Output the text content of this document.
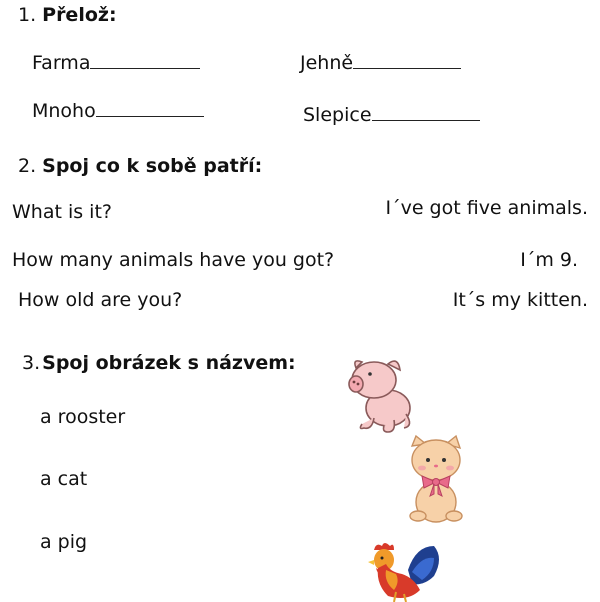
1. Přelož:
Farma	Jehně
Mnoho	Slepice
2. Spoj co k sobě patří:
What is it?	I´ve got five animals.
How many animals have you got?	I´m 9.
How old are you?	It´s my kitten.
3. Spoj obrázek s názvem:
a rooster
a cat
a pig
